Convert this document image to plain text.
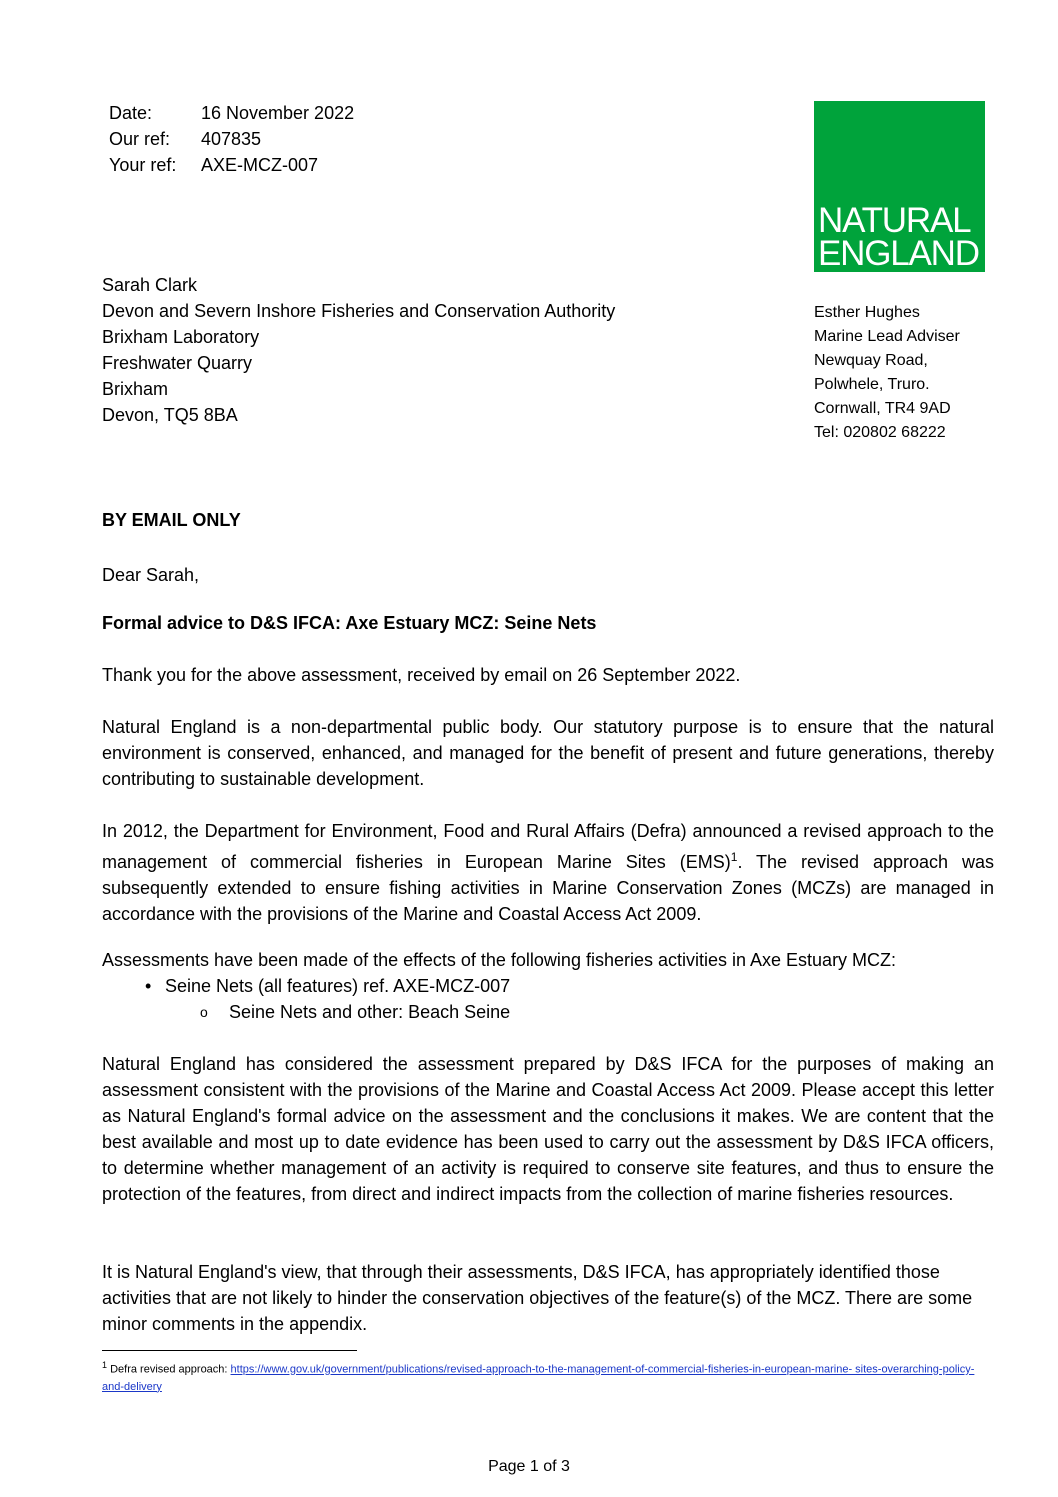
Date:	16 November 2022
Our ref:	407835
Your ref:	AXE-MCZ-007
NATURAL
ENGLAND
Sarah Clark
Devon and Severn Inshore Fisheries and Conservation Authority
Brixham Laboratory
Freshwater Quarry
Brixham
Devon, TQ5 8BA
Esther Hughes
Marine Lead Adviser
Newquay Road,
Polwhele, Truro.
Cornwall, TR4 9AD
Tel: 020802 68222
BY EMAIL ONLY
Dear Sarah,
Formal advice to D&S IFCA: Axe Estuary MCZ: Seine Nets
Thank you for the above assessment, received by email on 26 September 2022.
Natural England is a non-departmental public body. Our statutory purpose is to ensure that the natural environment is conserved, enhanced, and managed for the benefit of present and future generations, thereby contributing to sustainable development.
In 2012, the Department for Environment, Food and Rural Affairs (Defra) announced a revised approach to the management of commercial fisheries in European Marine Sites (EMS)$^1$. The revised approach was subsequently extended to ensure fishing activities in Marine Conservation Zones (MCZs) are managed in accordance with the provisions of the Marine and Coastal Access Act 2009.
Assessments have been made of the effects of the following fisheries activities in Axe Estuary MCZ:
• Seine Nets (all features) ref. AXE-MCZ-007
o Seine Nets and other: Beach Seine
Natural England has considered the assessment prepared by D&S IFCA for the purposes of making an assessment consistent with the provisions of the Marine and Coastal Access Act 2009. Please accept this letter as Natural England's formal advice on the assessment and the conclusions it makes. We are content that the best available and most up to date evidence has been used to carry out the assessment by D&S IFCA officers, to determine whether management of an activity is required to conserve site features, and thus to ensure the protection of the features, from direct and indirect impacts from the collection of marine fisheries resources.
It is Natural England's view, that through their assessments, D&S IFCA, has appropriately identified those activities that are not likely to hinder the conservation objectives of the feature(s) of the MCZ. There are some minor comments in the appendix.
$^1$ Defra revised approach: https://www.gov.uk/government/publications/revised-approach-to-the-management-of-commercial-fisheries-in-european-marine- sites-overarching-policy-and-delivery
Page 1 of 3
